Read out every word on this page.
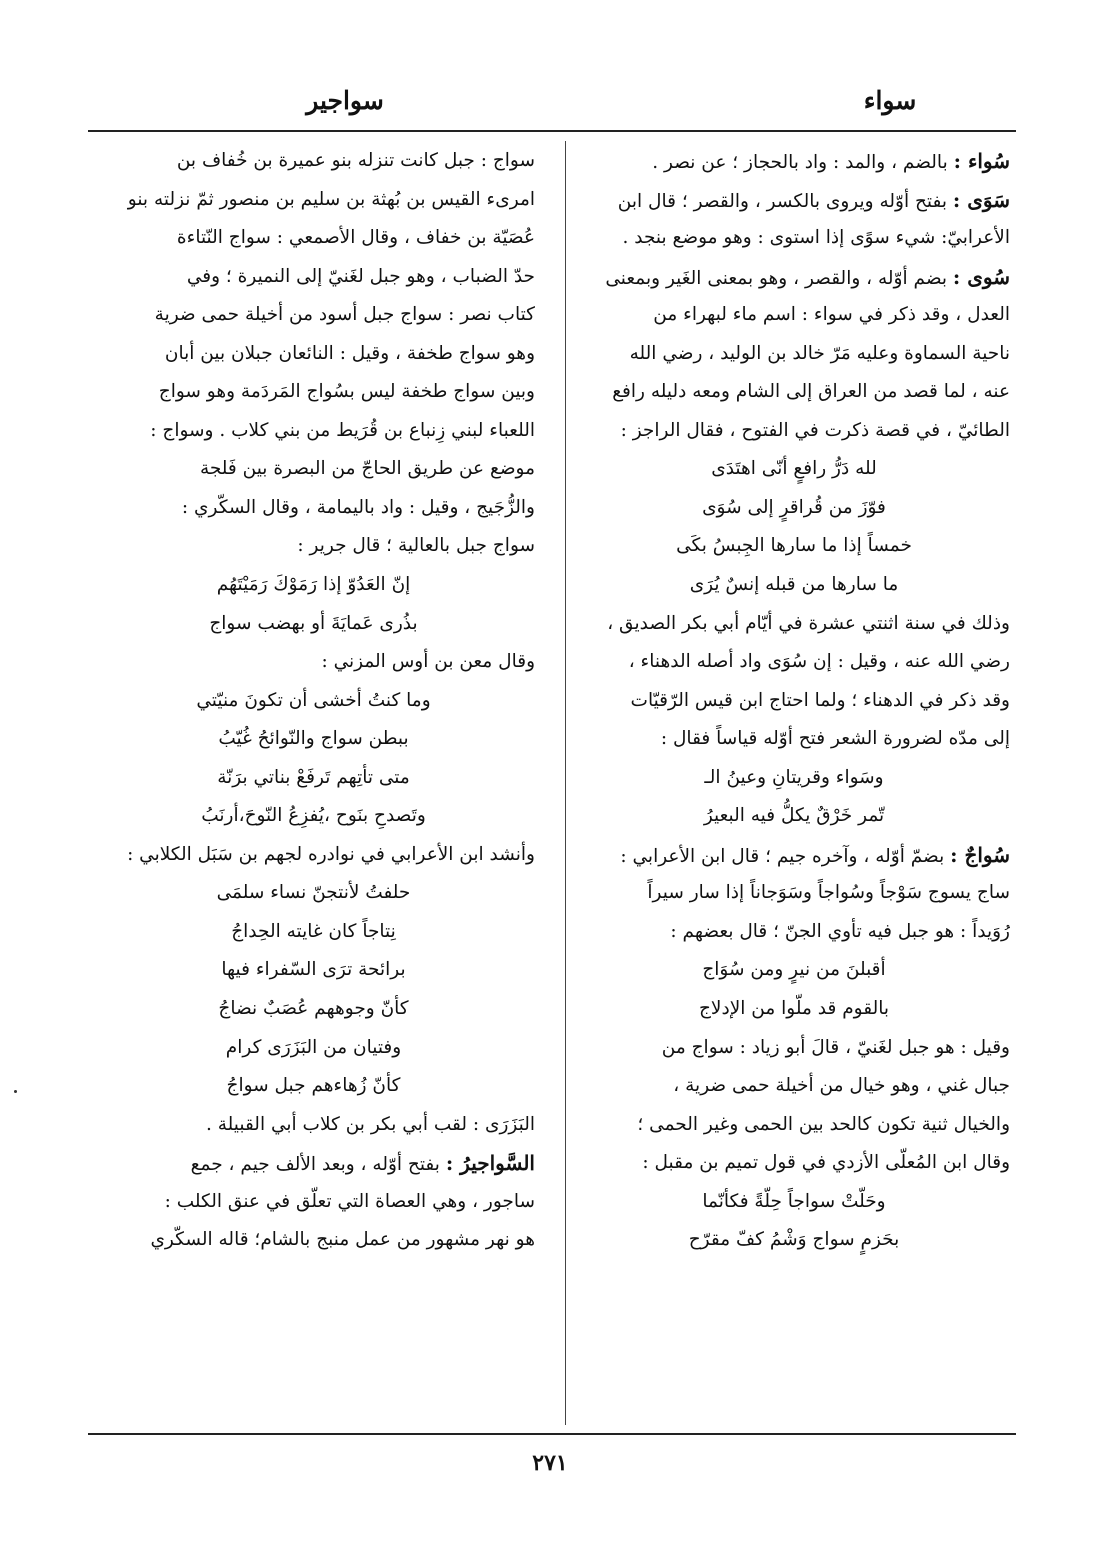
سواء
سواجير
سُواء : بالضم ، والمد : واد بالحجاز ؛ عن نصر .
سَوَى : بفتح أوّله ويروى بالكسر ، والقصر ؛ قال ابن
الأعرابيّ: شيء سوًى إذا استوى : وهو موضع بنجد .
سُوى : بضم أوّله ، والقصر ، وهو بمعنى الغَير وبمعنى
العدل ، وقد ذكر في سواء : اسم ماء لبهراء من
ناحية السماوة وعليه مَرّ خالد بن الوليد ، رضي الله
عنه ، لما قصد من العراق إلى الشام ومعه دليله رافع
الطائيّ ، في قصة ذكرت في الفتوح ، فقال الراجز :
لله دَرُّ رافعٍ أنّى اهتَدَى
فوّزَ من قُراقرٍ إلى سُوَى
خمساً إذا ما سارها الجِبسُ بكَى
ما سارها من قبله إنسٌ يُرَى
وذلك في سنة اثنتي عشرة في أيّام أبي بكر الصديق ،
رضي الله عنه ، وقيل : إن سُوَى واد أصله الدهناء ،
وقد ذكر في الدهناء ؛ ولما احتاج ابن قيس الرّقيّات
إلى مدّه لضرورة الشعر فتح أوّله قياساً فقال :
وسَواء وقريتانِ وعينُ الـ
تّمر خَرْقٌ يكلُّ فيه البعيرُ
سُواجٌ : بضمّ أوّله ، وآخره جيم ؛ قال ابن الأعرابي :
ساج يسوج سَوْجاً وسُواجاً وسَوَجاناً إذا سار سيراً
رُوَيداً : هو جبل فيه تأوي الجنّ ؛ قال بعضهم :
أقبلنَ من نيرٍ ومن سُوَاج
بالقوم قد ملّوا من الإدلاج
وقيل : هو جبل لغَنيّ ، قالَ أبو زياد : سواج من
جبال غني ، وهو خيال من أخيلة حمى ضرية ،
والخيال ثنية تكون كالحد بين الحمى وغير الحمى ؛
وقال ابن المُعلّى الأزدي في قول تميم بن مقبل :
وحَلّتْ سواجاً حِلّةً فكأنّما
بحَزمٍ سواج وَشْمُ كفّ مقرّح
سواج : جبل كانت تنزله بنو عميرة بن خُفاف بن
امرىء القيس بن بُهثة بن سليم بن منصور ثمّ نزلته بنو
عُصَيّة بن خفاف ، وقال الأصمعي : سواج النّتاءة
حدّ الضباب ، وهو جبل لغَنيّ إلى النميرة ؛ وفي
كتاب نصر : سواج جبل أسود من أخيلة حمى ضرية
وهو سواج طخفة ، وقيل : النائعان جبلان بين أبان
وبين سواج طخفة ليس بسُواج المَردَمة وهو سواج
اللعباء لبني زِنباع بن قُرَيط من بني كلاب . وسواج :
موضع عن طريق الحاجّ من البصرة بين فَلجة
والزُّجَيج ، وقيل : واد باليمامة ، وقال السكّري :
سواج جبل بالعالية ؛ قال جرير :
إنّ العَدُوّ إذا رَمَوْكَ رَمَيْتَهُم
بذُرى عَمايَةَ أو بهضب سواج
وقال معن بن أوس المزني :
وما كنتُ أخشى أن تكونَ منيّتي
ببطن سواج والنّوائحُ غُيّبُ
متى تأتِهم تَرفَعْ بناتي برَنّة
وتَصدحِ بنَوح ،يُفزِعُ النّوحَ،أرنَبُ
وأنشد ابن الأعرابي في نوادره لجهم بن سَبَل الكلابي :
حلفتُ لأنتجنّ نساء سلمَى
نِتاجاً كان غايته الحِداجُ
برائحة ترَى السّفراء فيها
كأنّ وجوههم عُصَبٌ نضاجُ
وفتيان من البَزَرَى كرام
كأنّ زُهاءهم جبل سواجُ
البَزَرَى : لقب أبي بكر بن كلاب أبي القبيلة .
السَّواجيرُ : بفتح أوّله ، وبعد الألف جيم ، جمع
ساجور ، وهي العصاة التي تعلّق في عنق الكلب :
هو نهر مشهور من عمل منبج بالشام؛ قاله السكّري
٢٧١
